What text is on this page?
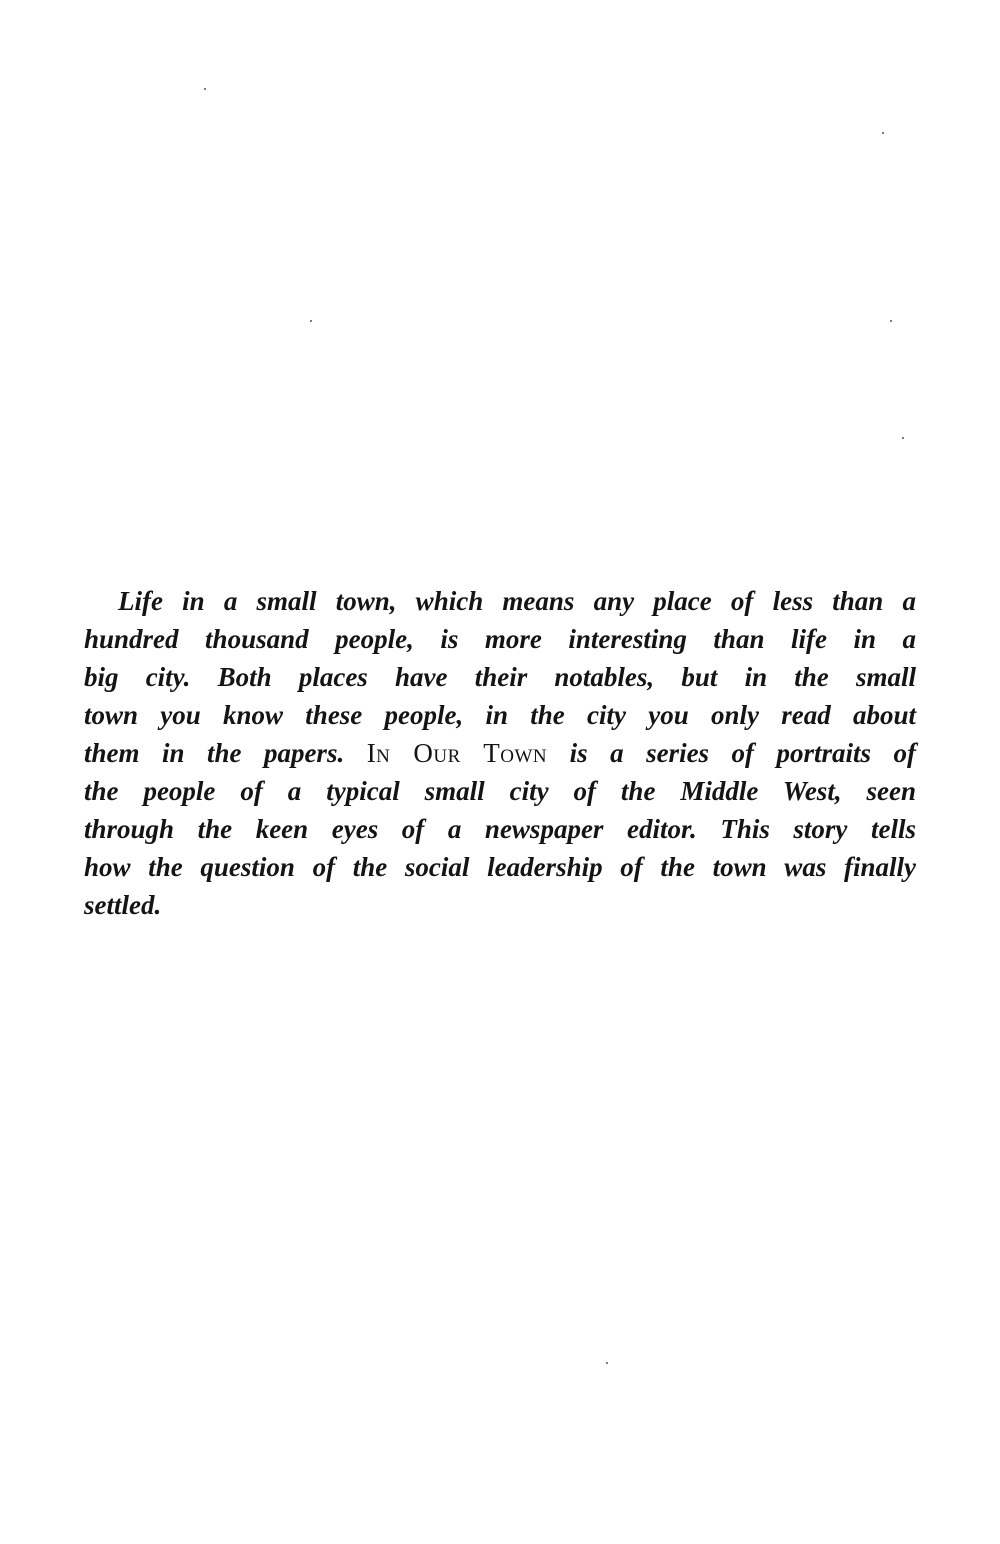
Life in a small town, which means any place of less than a
hundred thousand people, is more interesting than life in a
big city. Both places have their notables, but in the small
town you know these people, in the city you only read about
them in the papers. In Our Town is a series of portraits of
the people of a typical small city of the Middle West, seen
through the keen eyes of a newspaper editor. This story tells
how the question of the social leadership of the town was finally
settled.
